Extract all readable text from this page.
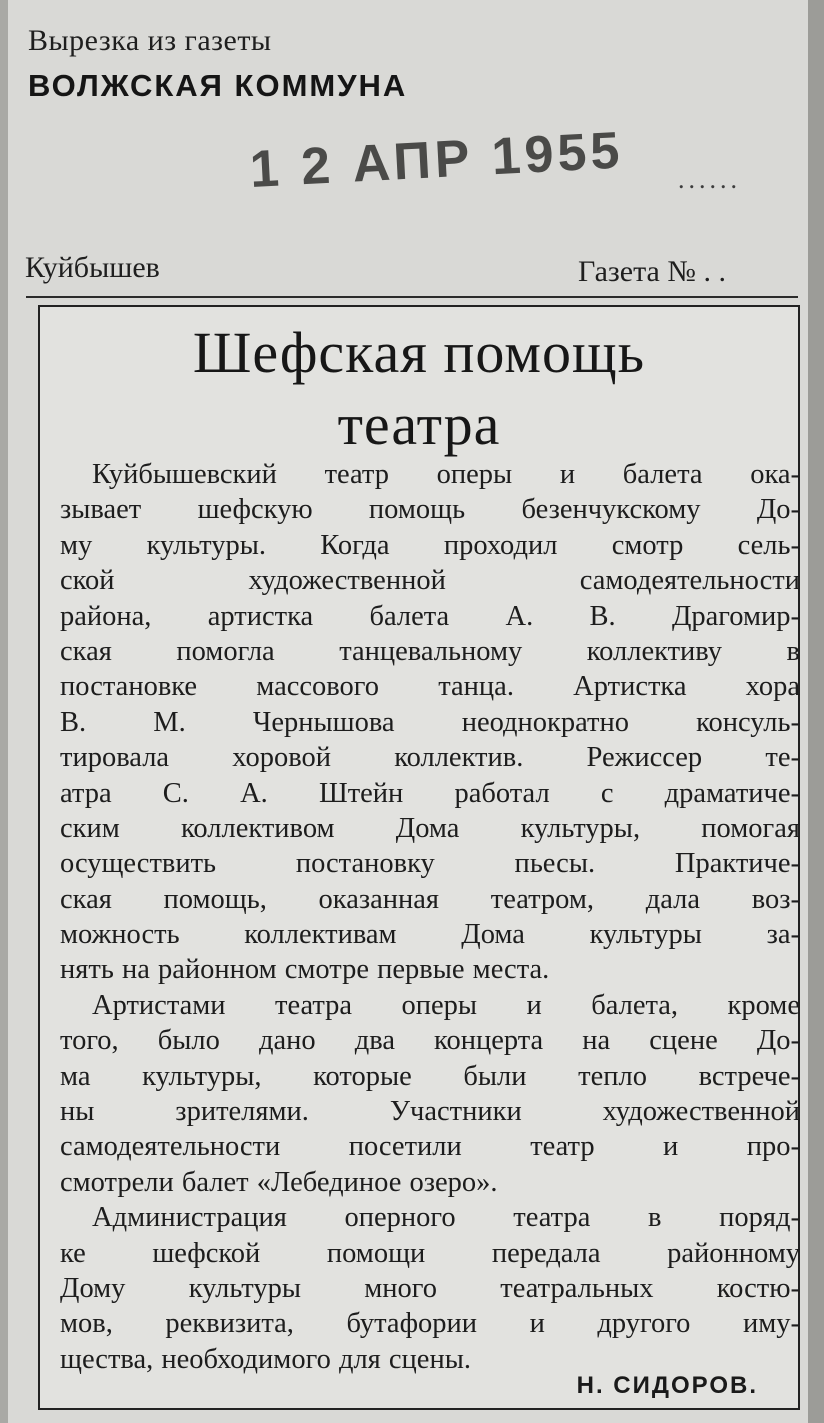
Вырезка из газеты
ВОЛЖСКАЯ КОММУНА
1 2 АПР 1955 ......
Куйбышев	Газета № . .
Шефская помощь
театра
Куйбышевский театр оперы и балета ока-
зывает шефскую помощь безенчукскому До-
му культуры. Когда проходил смотр сель-
ской художественной самодеятельности
района, артистка балета А. В. Драгомир-
ская помогла танцевальному коллективу в
постановке массового танца. Артистка хора
В. М. Чернышова неоднократно консуль-
тировала хоровой коллектив. Режиссер те-
атра С. А. Штейн работал с драматиче-
ским коллективом Дома культуры, помогая
осуществить постановку пьесы. Практиче-
ская помощь, оказанная театром, дала воз-
можность коллективам Дома культуры за-
нять на районном смотре первые места.
Артистами театра оперы и балета, кроме
того, было дано два концерта на сцене До-
ма культуры, которые были тепло встрече-
ны зрителями. Участники художественной
самодеятельности посетили театр и про-
смотрели балет «Лебединое озеро».
Администрация оперного театра в поряд-
ке шефской помощи передала районному
Дому культуры много театральных костю-
мов, реквизита, бутафории и другого иму-
щества, необходимого для сцены.
Н. СИДОРОВ.
